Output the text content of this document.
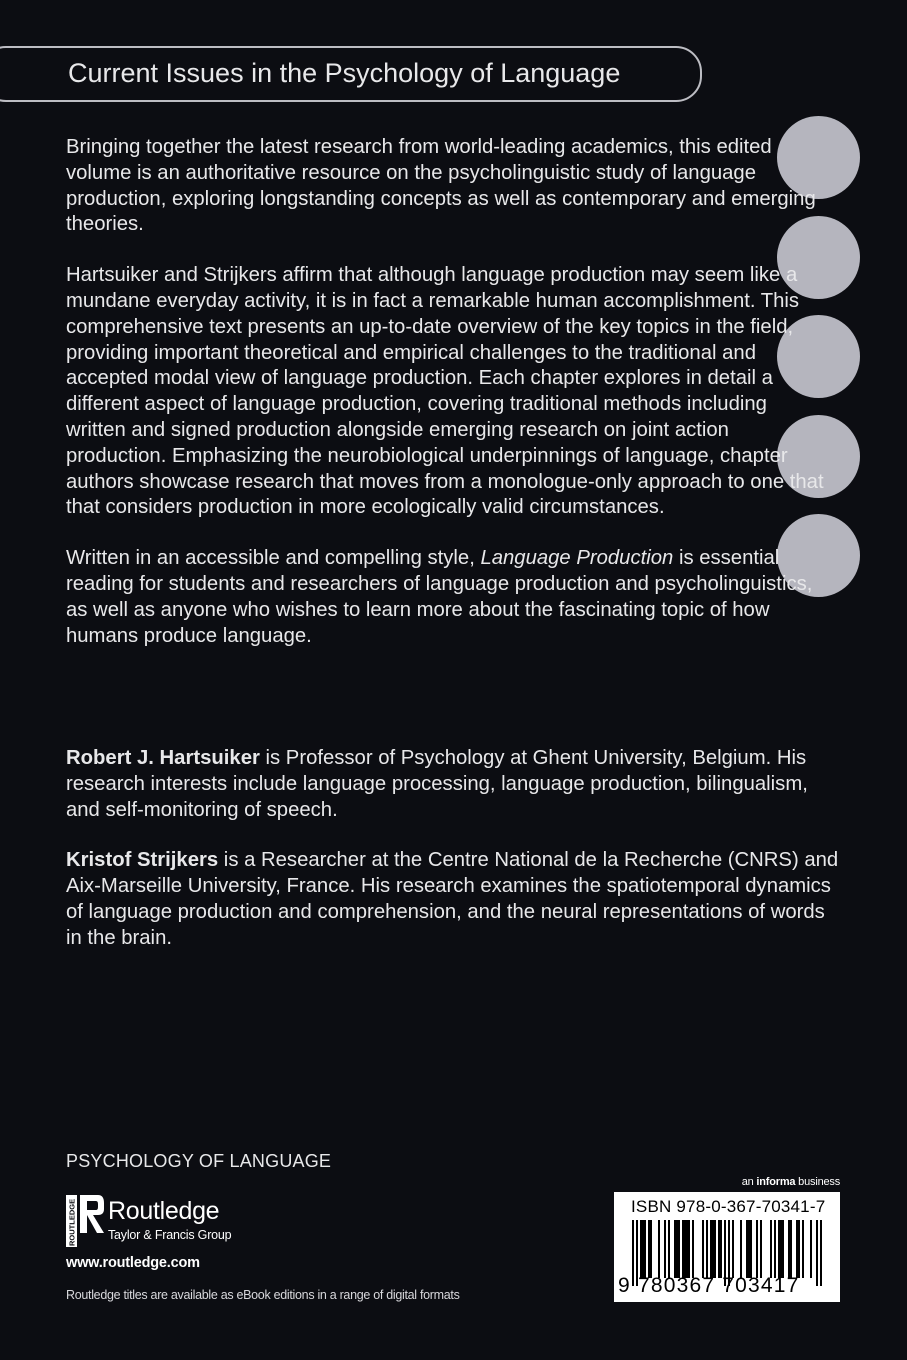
Current Issues in the Psychology of Language

Bringing together the latest research from world-leading academics, this edited volume is an authoritative resource on the psycholinguistic study of language production, exploring longstanding concepts as well as contemporary and emerging theories.

Hartsuiker and Strijkers affirm that although language production may seem like a mundane everyday activity, it is in fact a remarkable human accomplishment. This comprehensive text presents an up-to-date overview of the key topics in the field, providing important theoretical and empirical challenges to the traditional and accepted modal view of language production. Each chapter explores in detail a different aspect of language production, covering traditional methods including written and signed production alongside emerging research on joint action production. Emphasizing the neurobiological underpinnings of language, chapter authors showcase research that moves from a monologue-only approach to one that that considers production in more ecologically valid circumstances.

Written in an accessible and compelling style, Language Production is essential reading for students and researchers of language production and psycholinguistics, as well as anyone who wishes to learn more about the fascinating topic of how humans produce language.

Robert J. Hartsuiker is Professor of Psychology at Ghent University, Belgium. His research interests include language processing, language production, bilingualism, and self-monitoring of speech.

Kristof Strijkers is a Researcher at the Centre National de la Recherche (CNRS) and Aix-Marseille University, France. His research examines the spatiotemporal dynamics of language production and comprehension, and the neural representations of words in the brain.

PSYCHOLOGY OF LANGUAGE
ROUTLEDGE Routledge
Taylor & Francis Group
www.routledge.com
Routledge titles are available as eBook editions in a range of digital formats
an informa business
ISBN 978-0-367-70341-7
9 780367 703417
